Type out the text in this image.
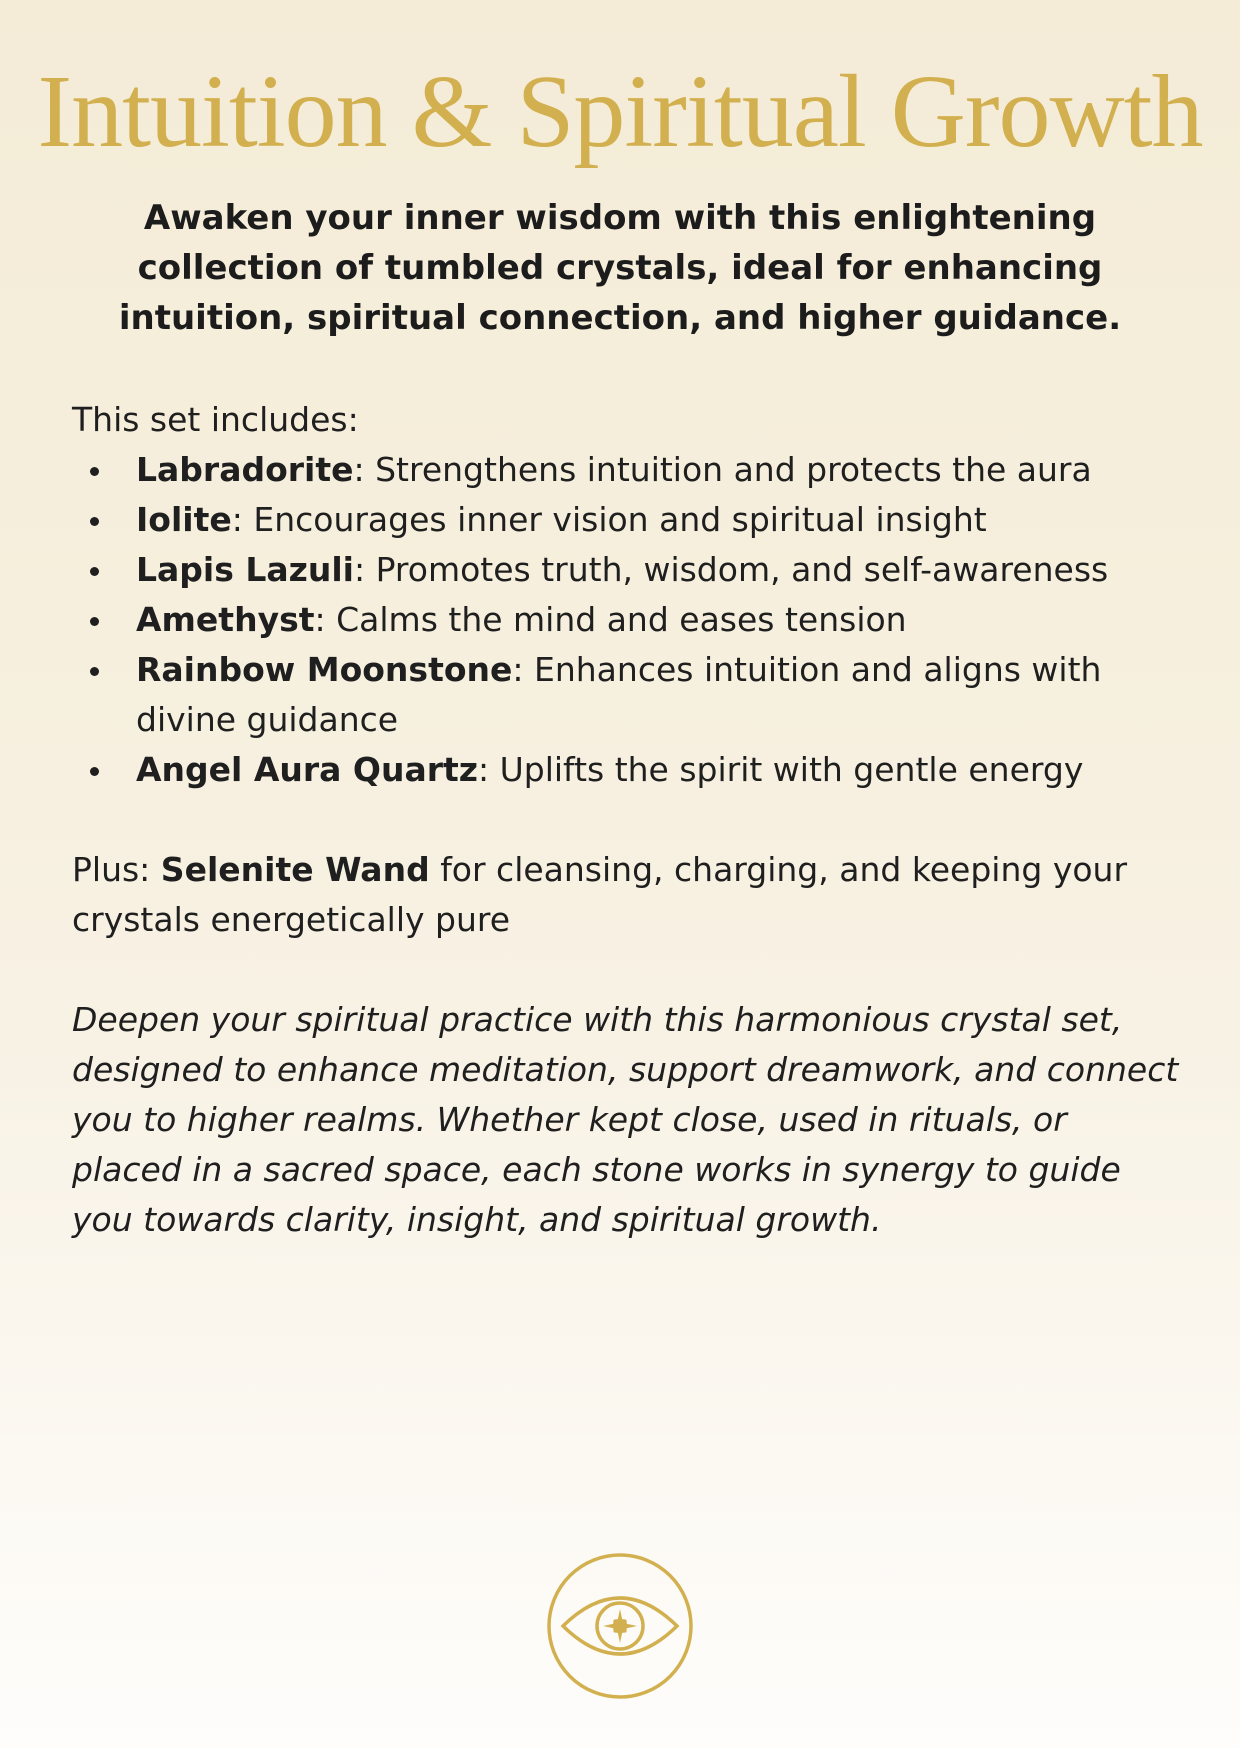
Intuition & Spiritual Growth

Awaken your inner wisdom with this enlightening collection of tumbled crystals, ideal for enhancing intuition, spiritual connection, and higher guidance.

This set includes:

Labradorite: Strengthens intuition and protects the aura
Iolite: Encourages inner vision and spiritual insight
Lapis Lazuli: Promotes truth, wisdom, and self-awareness
Amethyst: Calms the mind and eases tension
Rainbow Moonstone: Enhances intuition and aligns with divine guidance
Angel Aura Quartz: Uplifts the spirit with gentle energy

Plus: Selenite Wand for cleansing, charging, and keeping your crystals energetically pure

Deepen your spiritual practice with this harmonious crystal set, designed to enhance meditation, support dreamwork, and connect you to higher realms. Whether kept close, used in rituals, or placed in a sacred space, each stone works in synergy to guide you towards clarity, insight, and spiritual growth.
